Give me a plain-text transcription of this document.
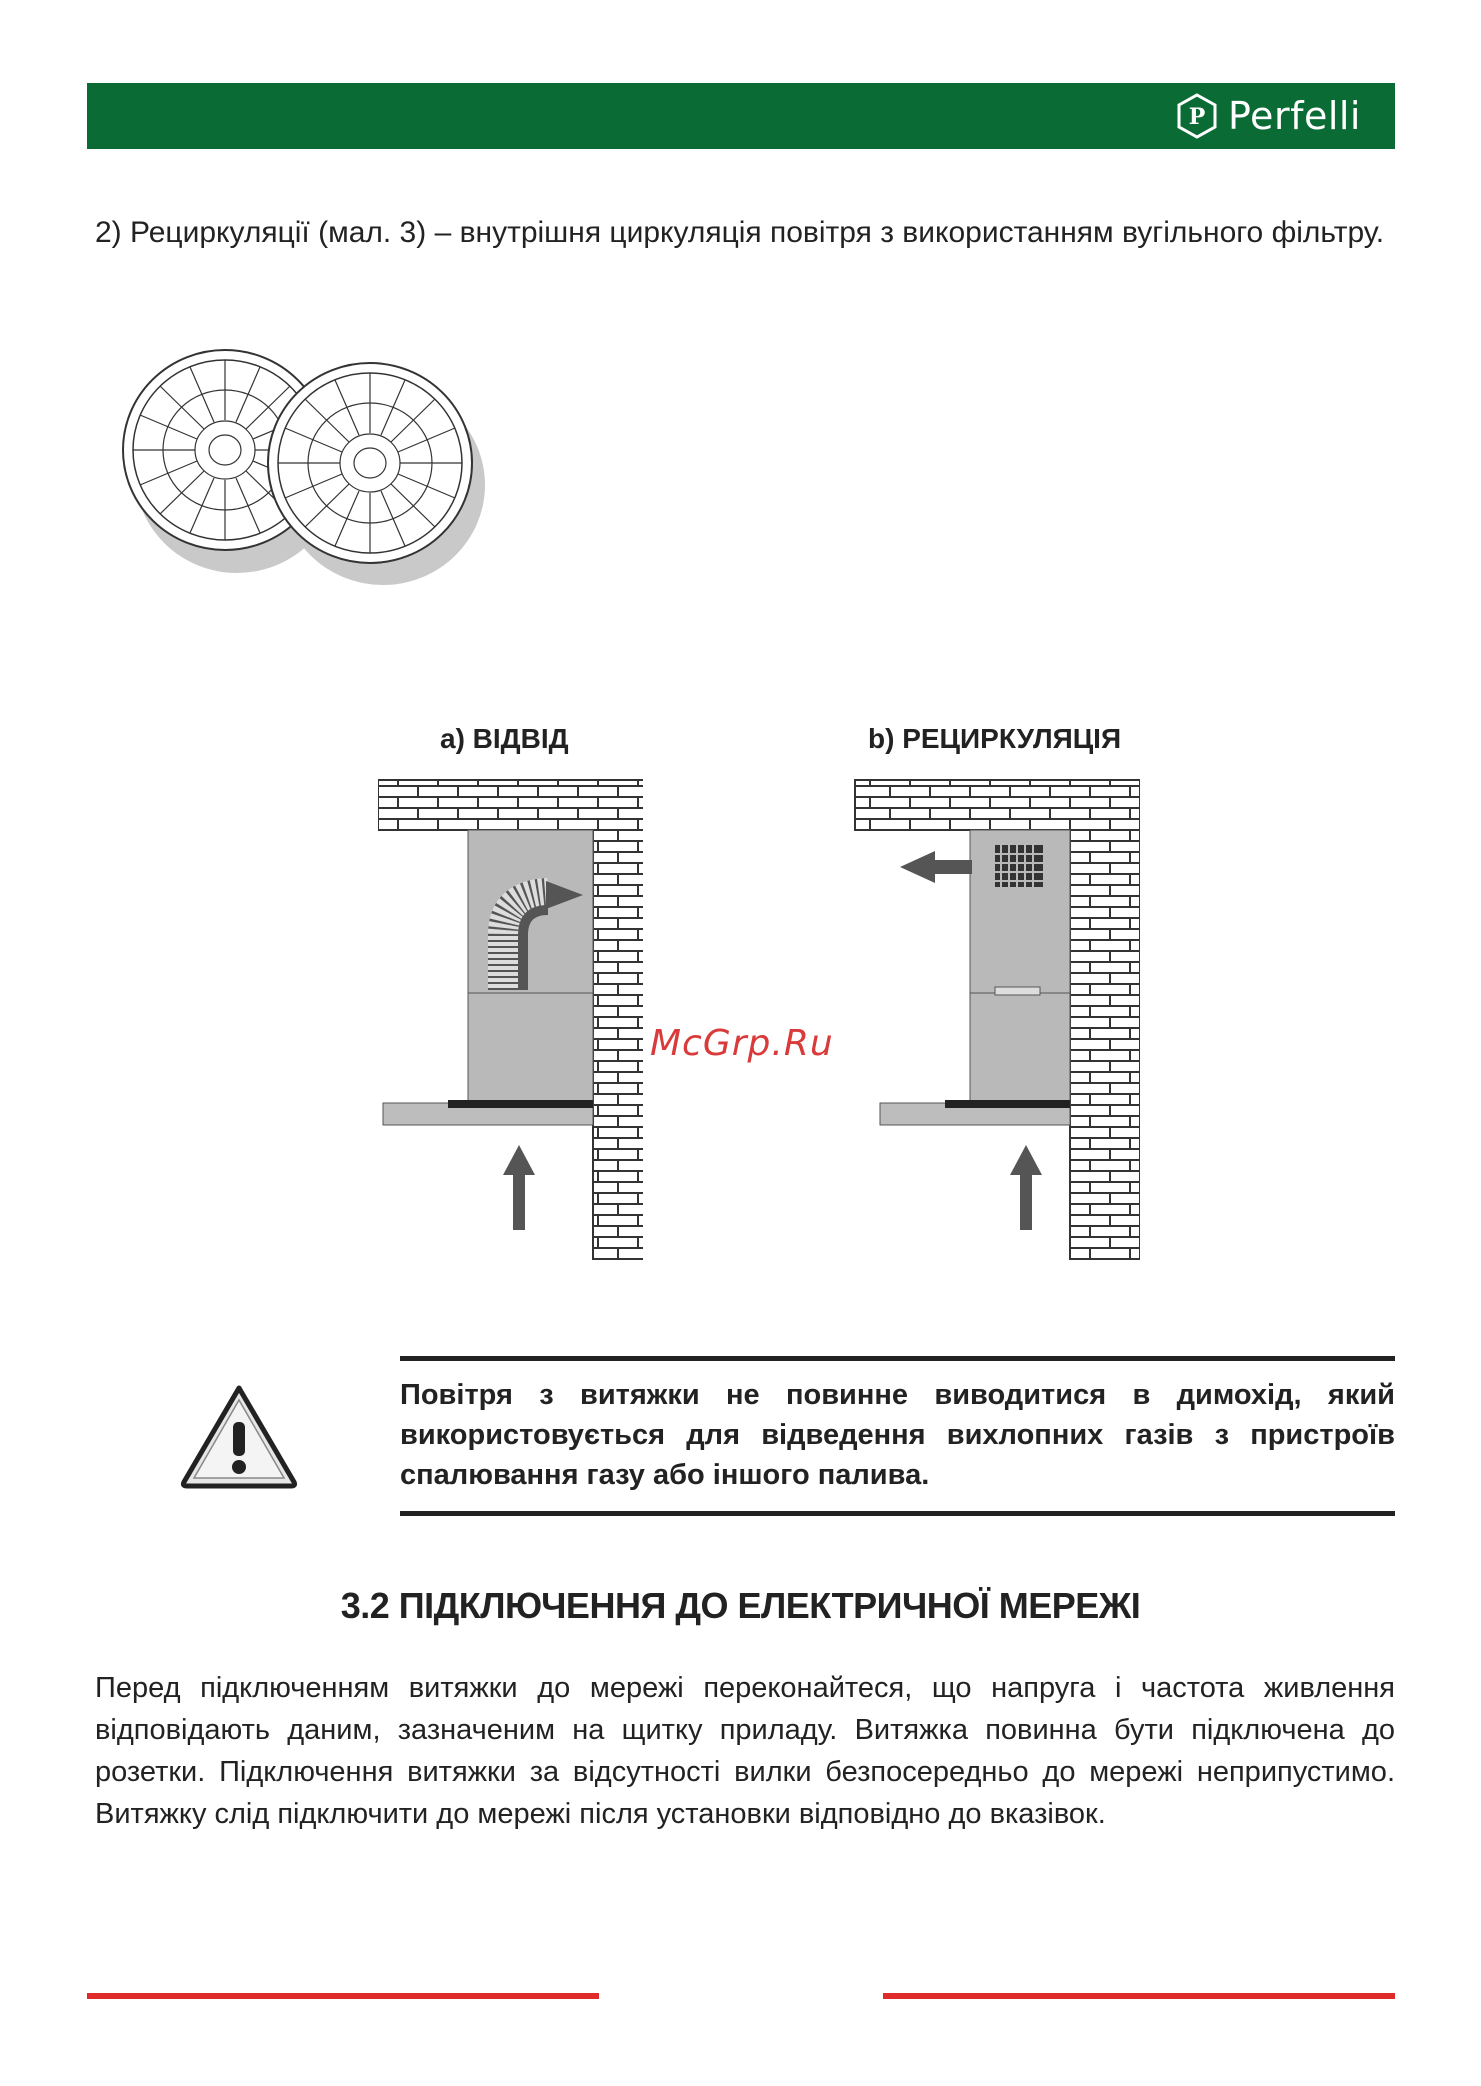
P Perfelli
2) Рециркуляції (мал. 3) – внутрішня циркуляція повітря з використанням вугільного фільтру.
а) ВІДВІД	b) РЕЦИРКУЛЯЦІЯ
McGrp.Ru
Повітря з витяжки не повинне виводитися в димохід, який використовується для відведення вихлопних газів з пристроїв спалювання газу або іншого палива.
3.2 ПІДКЛЮЧЕННЯ ДО ЕЛЕКТРИЧНОЇ МЕРЕЖІ
Перед підключенням витяжки до мережі переконайтеся, що напруга і частота живлення відповідають даним, зазначеним на щитку приладу. Витяжка повинна бути підключена до розетки. Підключення витяжки за відсутності вилки безпосередньо до мережі неприпустимо. Витяжку слід підключити до мережі після установки відповідно до вказівок.
